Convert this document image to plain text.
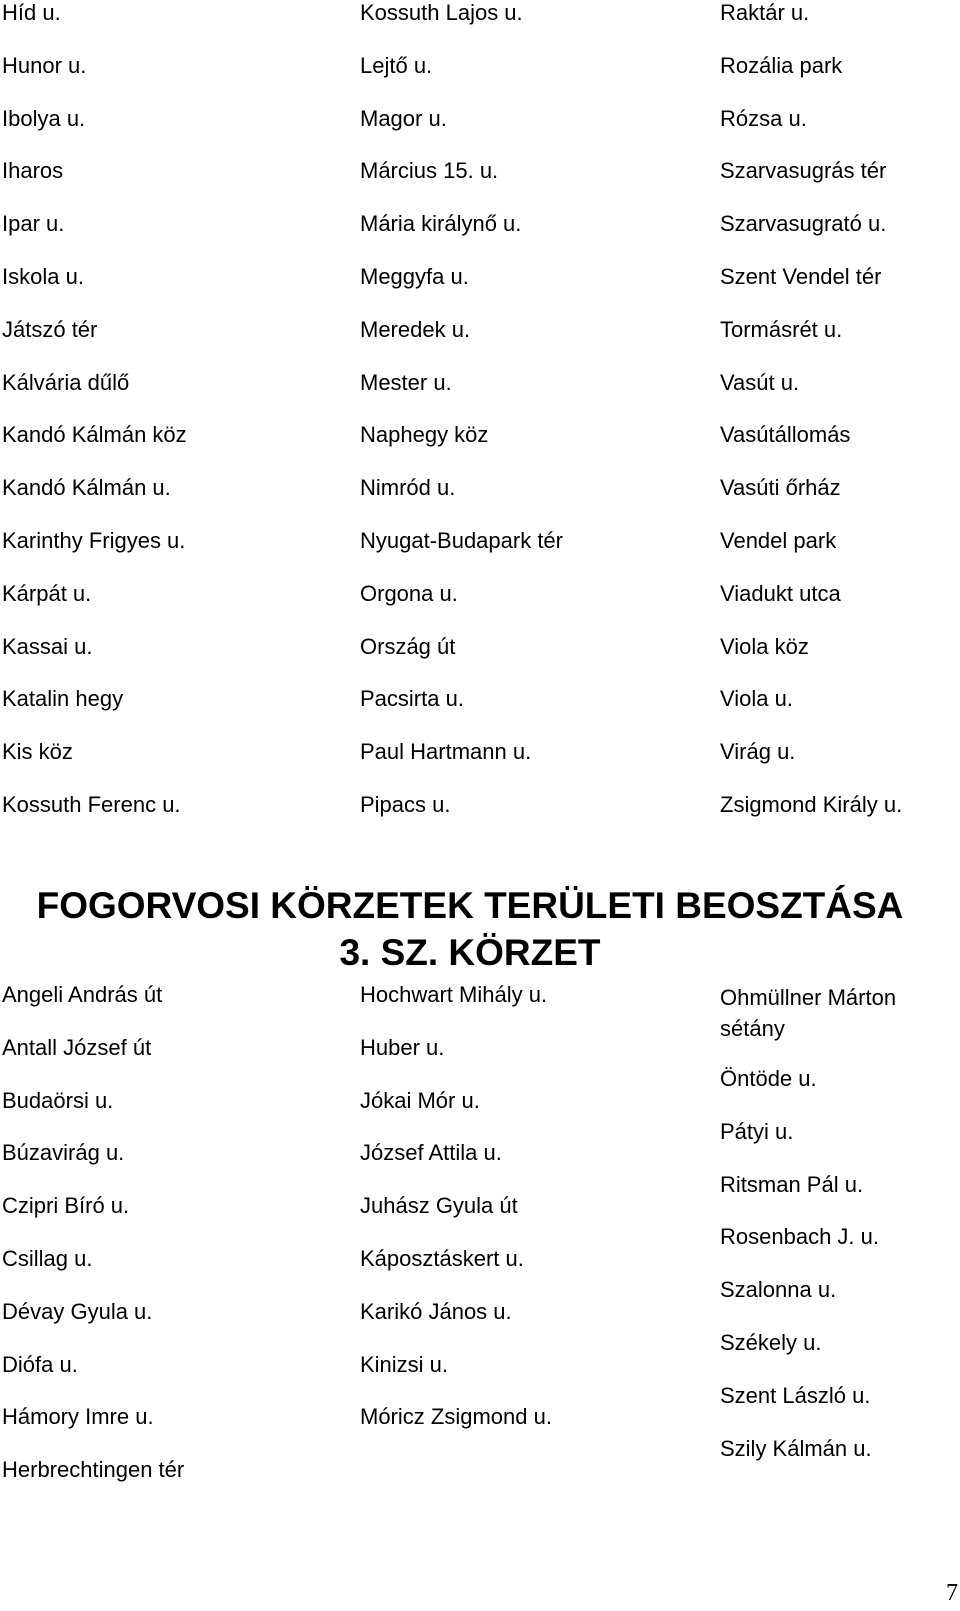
Híd u.
Hunor u.
Ibolya u.
Iharos
Ipar u.
Iskola u.
Játszó tér
Kálvária dűlő
Kandó Kálmán köz
Kandó Kálmán u.
Karinthy Frigyes u.
Kárpát u.
Kassai u.
Katalin hegy
Kis köz
Kossuth Ferenc u.
Kossuth Lajos u.
Lejtő u.
Magor u.
Március 15. u.
Mária királynő u.
Meggyfa u.
Meredek u.
Mester u.
Naphegy köz
Nimród u.
Nyugat-Budapark tér
Orgona u.
Ország út
Pacsirta u.
Paul Hartmann u.
Pipacs u.
Raktár u.
Rozália park
Rózsa u.
Szarvasugrás tér
Szarvasugrató u.
Szent Vendel tér
Tormásrét u.
Vasút u.
Vasútállomás
Vasúti őrház
Vendel park
Viadukt utca
Viola köz
Viola u.
Virág u.
Zsigmond Király u.
FOGORVOSI KÖRZETEK TERÜLETI BEOSZTÁSA
3. SZ. KÖRZET
Angeli András út
Antall József út
Budaörsi u.
Búzavirág u.
Czipri Bíró u.
Csillag u.
Dévay Gyula u.
Diófa u.
Hámory Imre u.
Herbrechtingen tér
Hochwart Mihály u.
Huber u.
Jókai Mór u.
József Attila u.
Juhász Gyula út
Káposztáskert u.
Karikó János u.
Kinizsi u.
Móricz Zsigmond u.
Ohmüllner Márton sétány
Öntöde u.
Pátyi u.
Ritsman Pál u.
Rosenbach J. u.
Szalonna u.
Székely u.
Szent László u.
Szily Kálmán u.
7
